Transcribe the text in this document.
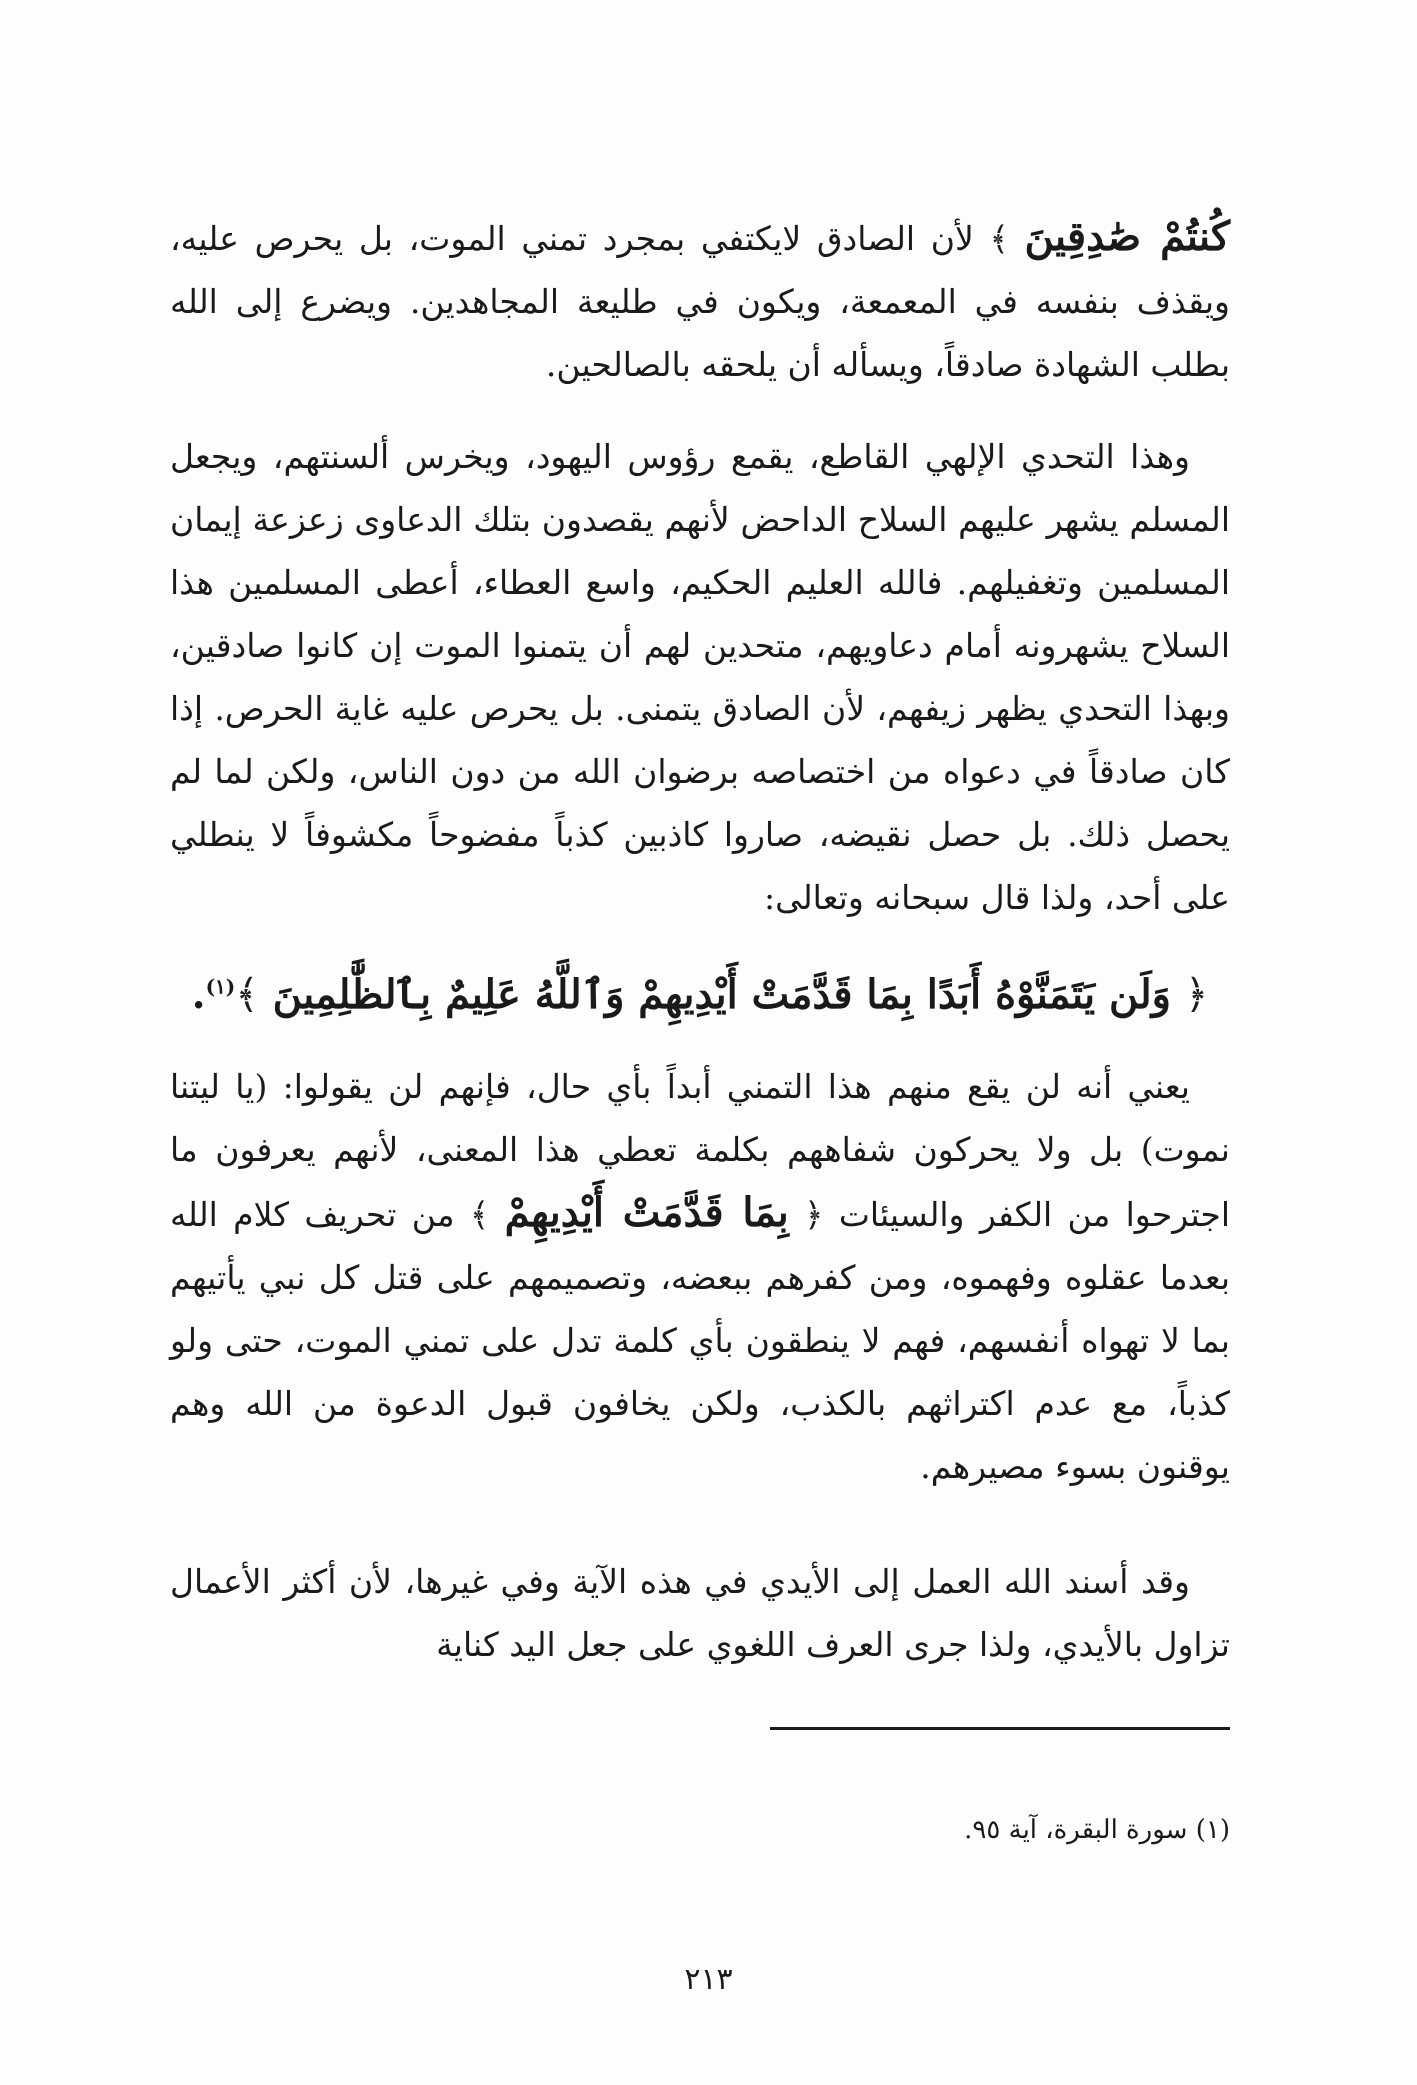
كُنتُمْ صَٰدِقِينَ ﴾ لأن الصادق لايكتفي بمجرد تمني الموت، بل يحرص عليه، ويقذف بنفسه في المعمعة، ويكون في طليعة المجاهدين. ويضرع إلى الله بطلب الشهادة صادقاً، ويسأله أن يلحقه بالصالحين.

وهذا التحدي الإلهي القاطع، يقمع رؤوس اليهود، ويخرس ألسنتهم، ويجعل المسلم يشهر عليهم السلاح الداحض لأنهم يقصدون بتلك الدعاوى زعزعة إيمان المسلمين وتغفيلهم. فالله العليم الحكيم، واسع العطاء، أعطى المسلمين هذا السلاح يشهرونه أمام دعاويهم، متحدين لهم أن يتمنوا الموت إن كانوا صادقين، وبهذا التحدي يظهر زيفهم، لأن الصادق يتمنى. بل يحرص عليه غاية الحرص. إذا كان صادقاً في دعواه من اختصاصه برضوان الله من دون الناس، ولكن لما لم يحصل ذلك. بل حصل نقيضه، صاروا كاذبين كذباً مفضوحاً مكشوفاً لا ينطلي على أحد، ولذا قال سبحانه وتعالى:

﴿ وَلَن يَتَمَنَّوْهُ أَبَدًا بِمَا قَدَّمَتْ أَيْدِيهِمْ وَٱللَّهُ عَلِيمٌ بِٱلظَّٰلِمِينَ ﴾$^{(١)}$.

يعني أنه لن يقع منهم هذا التمني أبداً بأي حال، فإنهم لن يقولوا: (يا ليتنا نموت) بل ولا يحركون شفاههم بكلمة تعطي هذا المعنى، لأنهم يعرفون ما اجترحوا من الكفر والسيئات ﴿ بِمَا قَدَّمَتْ أَيْدِيهِمْ ﴾ من تحريف كلام الله بعدما عقلوه وفهموه، ومن كفرهم ببعضه، وتصميمهم على قتل كل نبي يأتيهم بما لا تهواه أنفسهم، فهم لا ينطقون بأي كلمة تدل على تمني الموت، حتى ولو كذباً، مع عدم اكتراثهم بالكذب، ولكن يخافون قبول الدعوة من الله وهم يوقنون بسوء مصيرهم.

وقد أسند الله العمل إلى الأيدي في هذه الآية وفي غيرها، لأن أكثر الأعمال تزاول بالأيدي، ولذا جرى العرف اللغوي على جعل اليد كناية

(١) سورة البقرة، آية ٩٥.
٢١٣
